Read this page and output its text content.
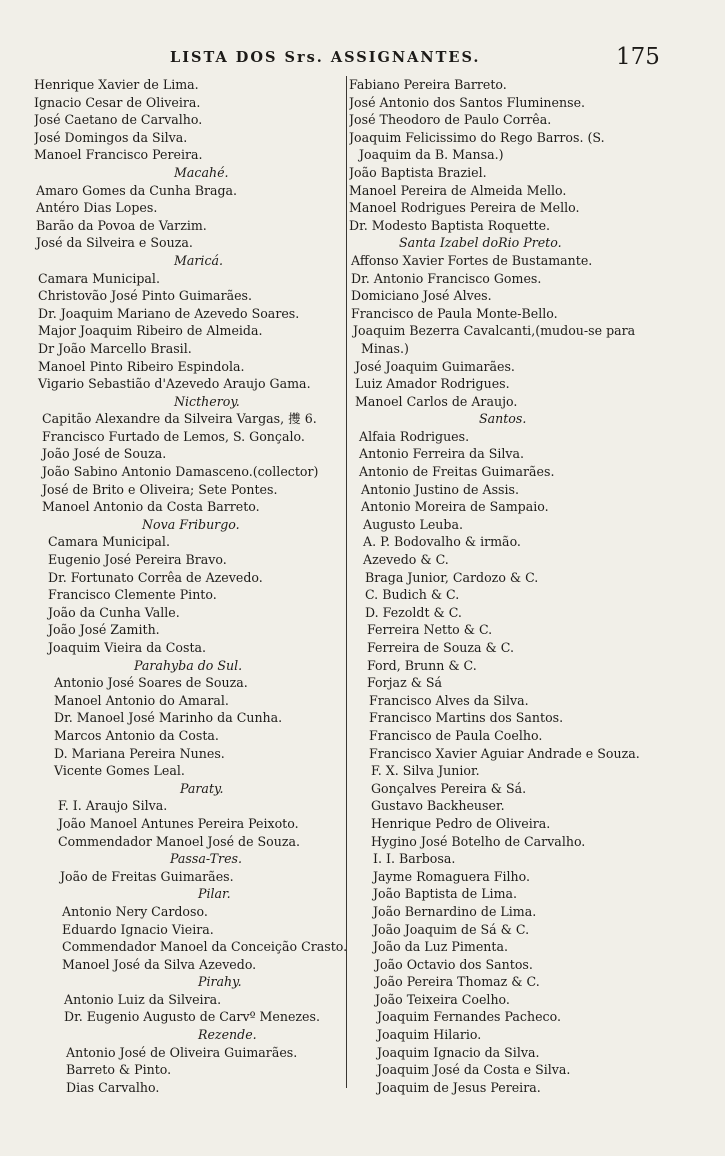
LISTA DOS Srs. ASSIGNANTES.	175
Henrique Xavier de Lima.
Ignacio Cesar de Oliveira.
José Caetano de Carvalho.
José Domingos da Silva.
Manoel Francisco Pereira.
Macahé.
Amaro Gomes da Cunha Braga.
Antéro Dias Lopes.
Barão da Povoa de Varzim.
José da Silveira e Souza.
Maricá.
Camara Municipal.
Christovão José Pinto Guimarães.
Dr. Joaquim Mariano de Azevedo Soares.
Major Joaquim Ribeiro de Almeida.
Dr João Marcello Brasil.
Manoel Pinto Ribeiro Espindola.
Vigario Sebastião d'Azevedo Araujo Gama.
Nictheroy.
Capitão Alexandre da Silveira Vargas, 㩳 6.
Francisco Furtado de Lemos, S. Gonçalo.
João José de Souza.
João Sabino Antonio Damasceno.(collector)
José de Brito e Oliveira; Sete Pontes.
Manoel Antonio da Costa Barreto.
Nova Friburgo.
Camara Municipal.
Eugenio José Pereira Bravo.
Dr. Fortunato Corrêa de Azevedo.
Francisco Clemente Pinto.
João da Cunha Valle.
João José Zamith.
Joaquim Vieira da Costa.
Parahyba do Sul.
Antonio José Soares de Souza.
Manoel Antonio do Amaral.
Dr. Manoel José Marinho da Cunha.
Marcos Antonio da Costa.
D. Mariana Pereira Nunes.
Vicente Gomes Leal.
Paraty.
F. I. Araujo Silva.
João Manoel Antunes Pereira Peixoto.
Commendador Manoel José de Souza.
Passa-Tres.
João de Freitas Guimarães.
Pilar.
Antonio Nery Cardoso.
Eduardo Ignacio Vieira.
Commendador Manoel da Conceição Crasto.
Manoel José da Silva Azevedo.
Pirahy.
Antonio Luiz da Silveira.
Dr. Eugenio Augusto de Carvº Menezes.
Rezende.
Antonio José de Oliveira Guimarães.
Barreto & Pinto.
Dias Carvalho.
Fabiano Pereira Barreto.
José Antonio dos Santos Fluminense.
José Theodoro de Paulo Corrêa.
Joaquim Felicissimo do Rego Barros. (S.
Joaquim da B. Mansa.)
João Baptista Braziel.
Manoel Pereira de Almeida Mello.
Manoel Rodrigues Pereira de Mello.
Dr. Modesto Baptista Roquette.
Santa Izabel doRio Preto.
Affonso Xavier Fortes de Bustamante.
Dr. Antonio Francisco Gomes.
Domiciano José Alves.
Francisco de Paula Monte-Bello.
Joaquim Bezerra Cavalcanti,(mudou-se para
Minas.)
José Joaquim Guimarães.
Luiz Amador Rodrigues.
Manoel Carlos de Araujo.
Santos.
Alfaia Rodrigues.
Antonio Ferreira da Silva.
Antonio de Freitas Guimarães.
Antonio Justino de Assis.
Antonio Moreira de Sampaio.
Augusto Leuba.
A. P. Bodovalho & irmão.
Azevedo & C.
Braga Junior, Cardozo & C.
C. Budich & C.
D. Fezoldt & C.
Ferreira Netto & C.
Ferreira de Souza & C.
Ford, Brunn & C.
Forjaz & Sá
Francisco Alves da Silva.
Francisco Martins dos Santos.
Francisco de Paula Coelho.
Francisco Xavier Aguiar Andrade e Souza.
F. X. Silva Junior.
Gonçalves Pereira & Sá.
Gustavo Backheuser.
Henrique Pedro de Oliveira.
Hygino José Botelho de Carvalho.
I. I. Barbosa.
Jayme Romaguera Filho.
João Baptista de Lima.
João Bernardino de Lima.
João Joaquim de Sá & C.
João da Luz Pimenta.
João Octavio dos Santos.
João Pereira Thomaz & C.
João Teixeira Coelho.
Joaquim Fernandes Pacheco.
Joaquim Hilario.
Joaquim Ignacio da Silva.
Joaquim José da Costa e Silva.
Joaquim de Jesus Pereira.
